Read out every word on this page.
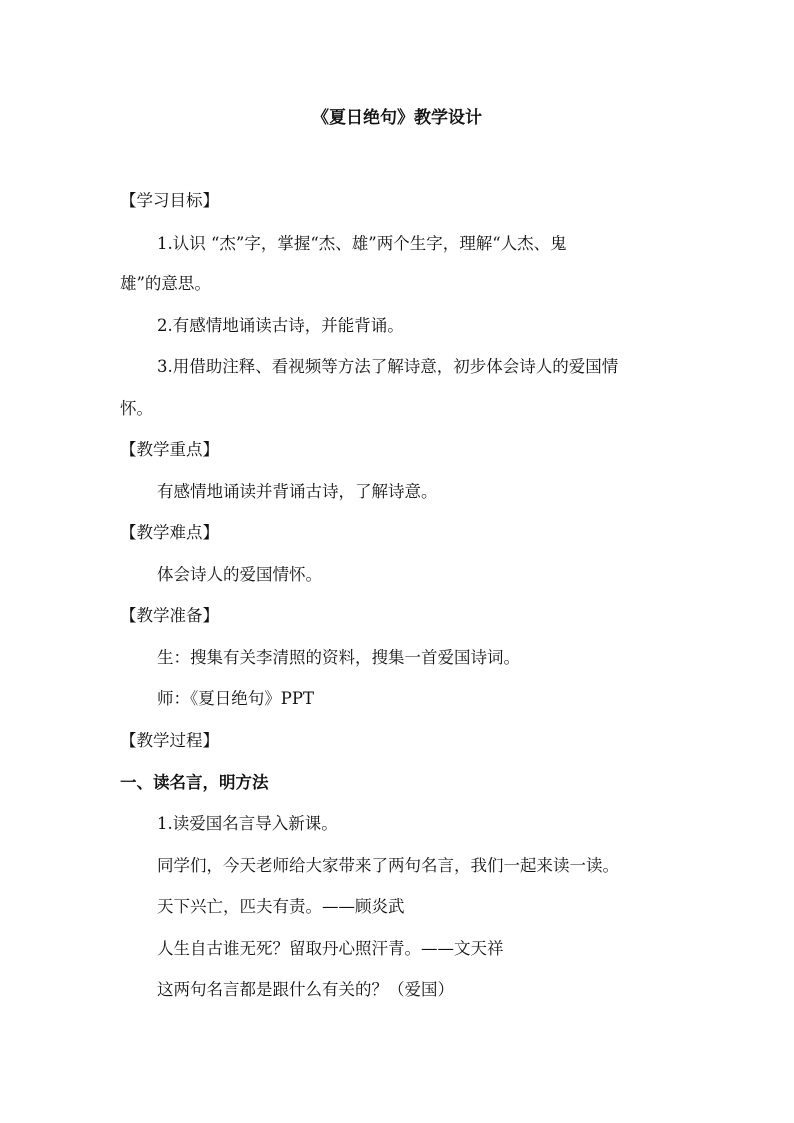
《夏日绝句》教学设计
【学习目标】
1.认识 “杰”字，掌握“杰、雄”两个生字，理解“人杰、鬼
雄”的意思。
2.有感情地诵读古诗，并能背诵。
3.用借助注释、看视频等方法了解诗意，初步体会诗人的爱国情
怀。
【教学重点】
有感情地诵读并背诵古诗，了解诗意。
【教学难点】
体会诗人的爱国情怀。
【教学准备】
生：搜集有关李清照的资料，搜集一首爱国诗词。
师：《夏日绝句》PPT
【教学过程】
一、读名言，明方法
1.读爱国名言导入新课。
同学们，今天老师给大家带来了两句名言，我们一起来读一读。
天下兴亡，匹夫有责。——顾炎武
人生自古谁无死？留取丹心照汗青。——文天祥
这两句名言都是跟什么有关的？（爱国）
